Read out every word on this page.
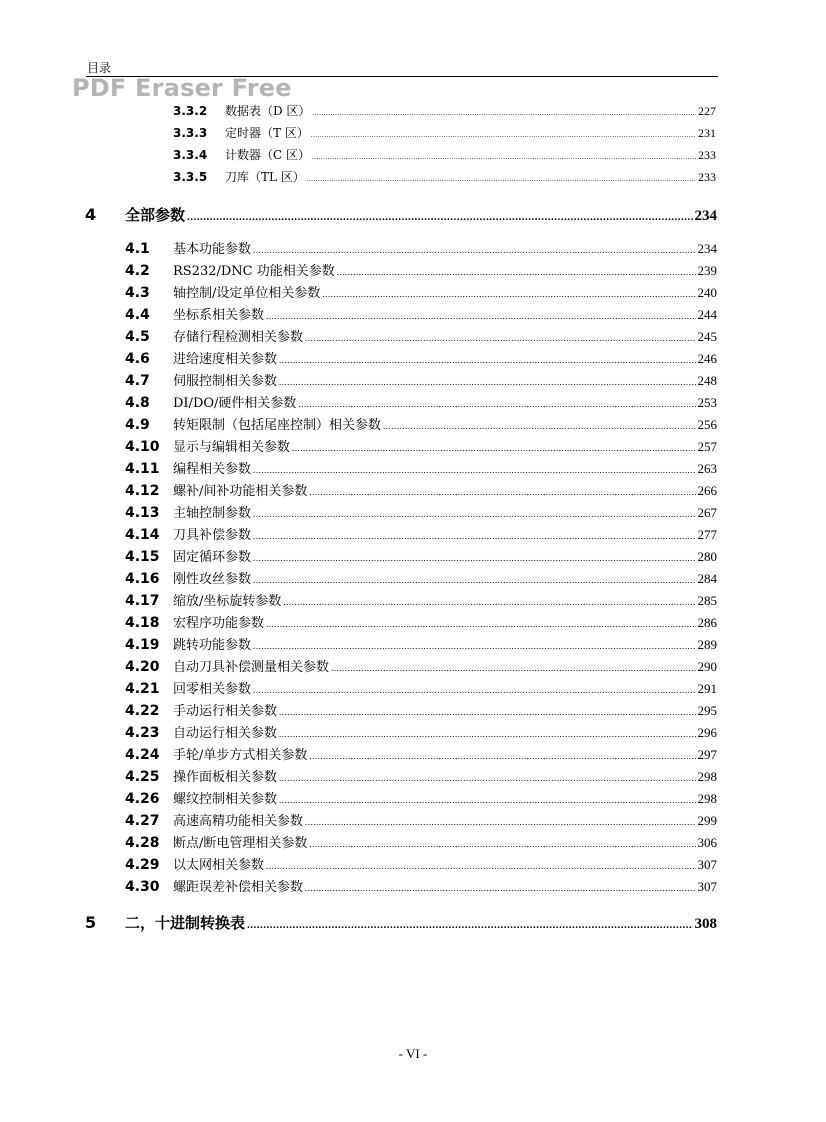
目录
PDF Eraser Free
3.3.2	数据表（D 区） .....	227
3.3.3	定时器（T 区） .....	231
3.3.4	计数器（C 区） .....	233
3.3.5	刀库（TL 区） .....	233
4	全部参数 .....	234
4.1	基本功能参数 .....	234
4.2	RS232/DNC 功能相关参数 .....	239
4.3	轴控制/设定单位相关参数 .....	240
4.4	坐标系相关参数 .....	244
4.5	存储行程检测相关参数 .....	245
4.6	进给速度相关参数 .....	246
4.7	伺服控制相关参数 .....	248
4.8	DI/DO/硬件相关参数 .....	253
4.9	转矩限制（包括尾座控制）相关参数 .....	256
4.10	显示与编辑相关参数 .....	257
4.11	编程相关参数 .....	263
4.12	螺补/间补功能相关参数 .....	266
4.13	主轴控制参数 .....	267
4.14	刀具补偿参数 .....	277
4.15	固定循环参数 .....	280
4.16	刚性攻丝参数 .....	284
4.17	缩放/坐标旋转参数 .....	285
4.18	宏程序功能参数 .....	286
4.19	跳转功能参数 .....	289
4.20	自动刀具补偿测量相关参数 .....	290
4.21	回零相关参数 .....	291
4.22	手动运行相关参数 .....	295
4.23	自动运行相关参数 .....	296
4.24	手轮/单步方式相关参数 .....	297
4.25	操作面板相关参数 .....	298
4.26	螺纹控制相关参数 .....	298
4.27	高速高精功能相关参数 .....	299
4.28	断点/断电管理相关参数 .....	306
4.29	以太网相关参数 .....	307
4.30	螺距误差补偿相关参数 .....	307
5	二，十进制转换表 .....	308
- VI -
